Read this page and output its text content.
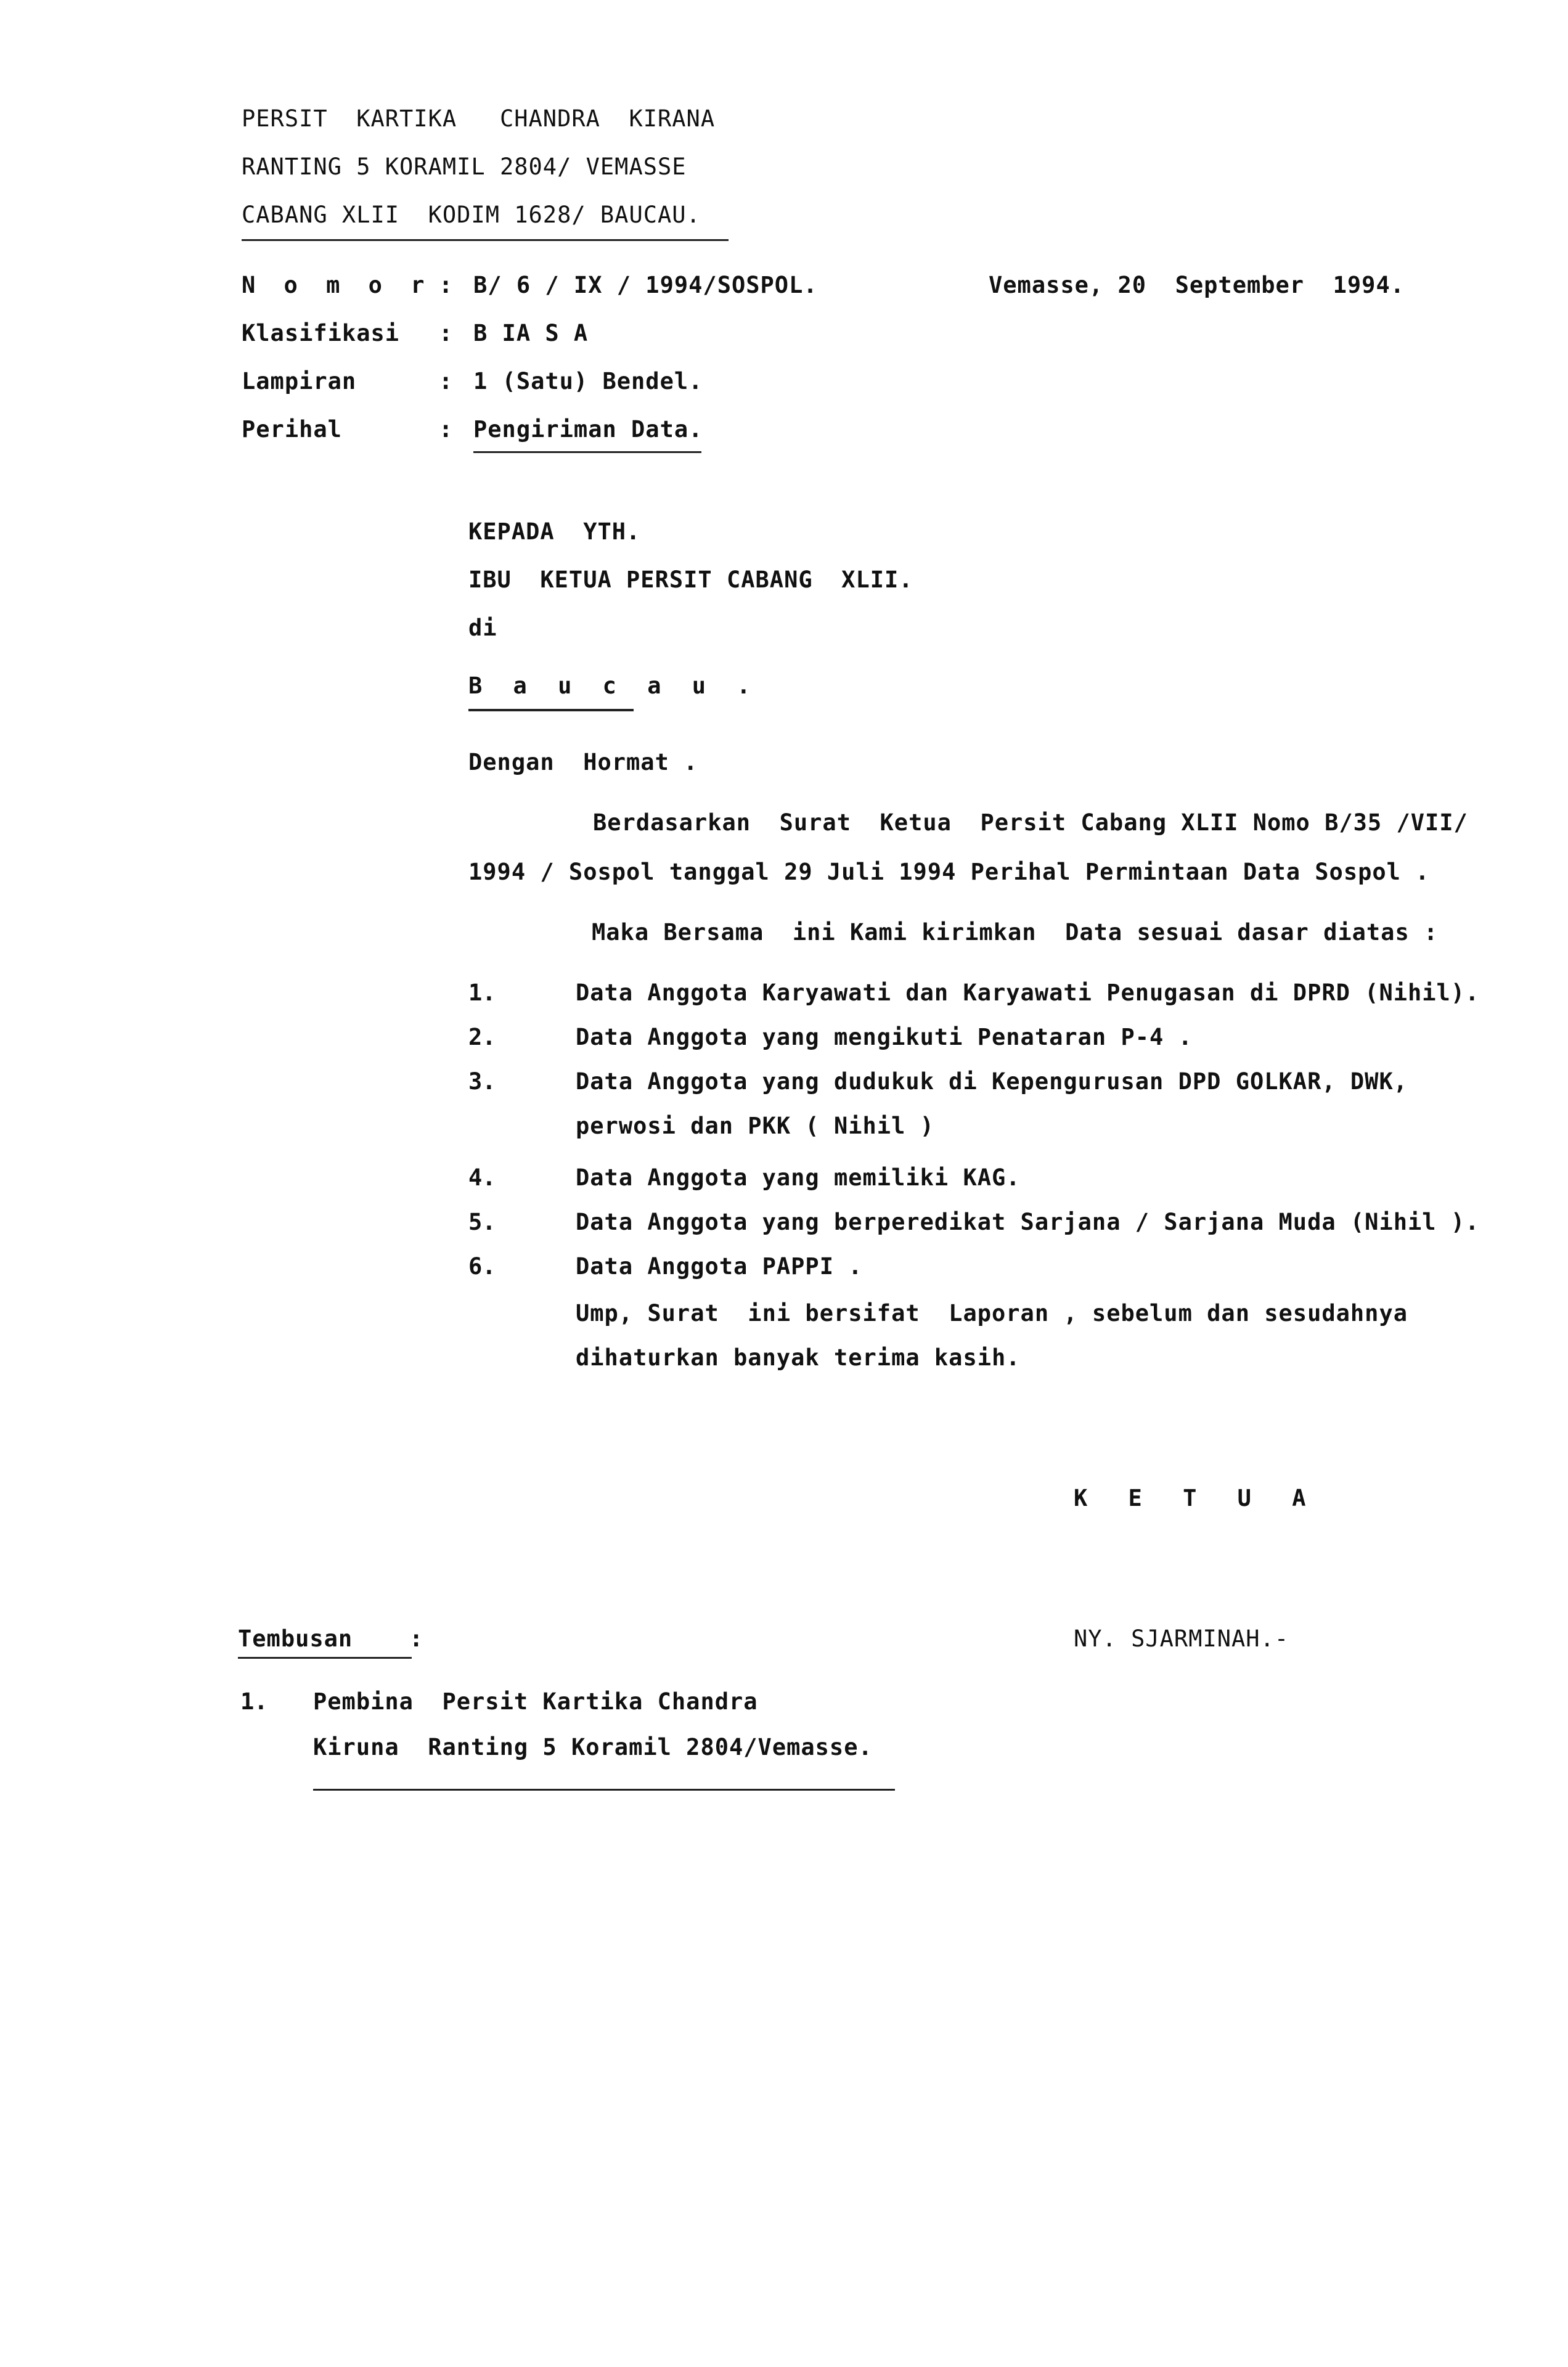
PERSIT  KARTIKA   CHANDRA  KIRANA
RANTING 5 KORAMIL 2804/ VEMASSE
CABANG XLII  KODIM 1628/ BAUCAU.
N o m o r : B/ 6 / IX / 1994/SOSPOL.	Vemasse, 20  September  1994.
Klasifikasi : B IA S A
Lampiran	: 1 (Satu) Bendel.
Perihal	: Pengiriman Data.
KEPADA  YTH.
IBU  KETUA PERSIT CABANG  XLII.
di
B a u c a u .
Dengan  Hormat .
Berdasarkan  Surat  Ketua  Persit Cabang XLII Nomo B/35 /VII/
1994 / Sospol tanggal 29 Juli 1994 Perihal Permintaan Data Sospol .
Maka Bersama  ini Kami kirimkan  Data sesuai dasar diatas :
1.	Data Anggota Karyawati dan Karyawati Penugasan di DPRD (Nihil).
2.	Data Anggota yang mengikuti Penataran P-4 .
3.	Data Anggota yang dudukuk di Kepengurusan DPD GOLKAR, DWK,
perwosi dan PKK ( Nihil )
4.	Data Anggota yang memiliki KAG.
5.	Data Anggota yang berperedikat Sarjana / Sarjana Muda (Nihil ).
6.	Data Anggota PAPPI .
Ump, Surat  ini bersifat  Laporan , sebelum dan sesudahnya
dihaturkan banyak terima kasih.
K E T U A
NY. SJARMINAH.-
Tembusan :
1. Pembina  Persit Kartika Chandra
Kiruna  Ranting 5 Koramil 2804/Vemasse.
